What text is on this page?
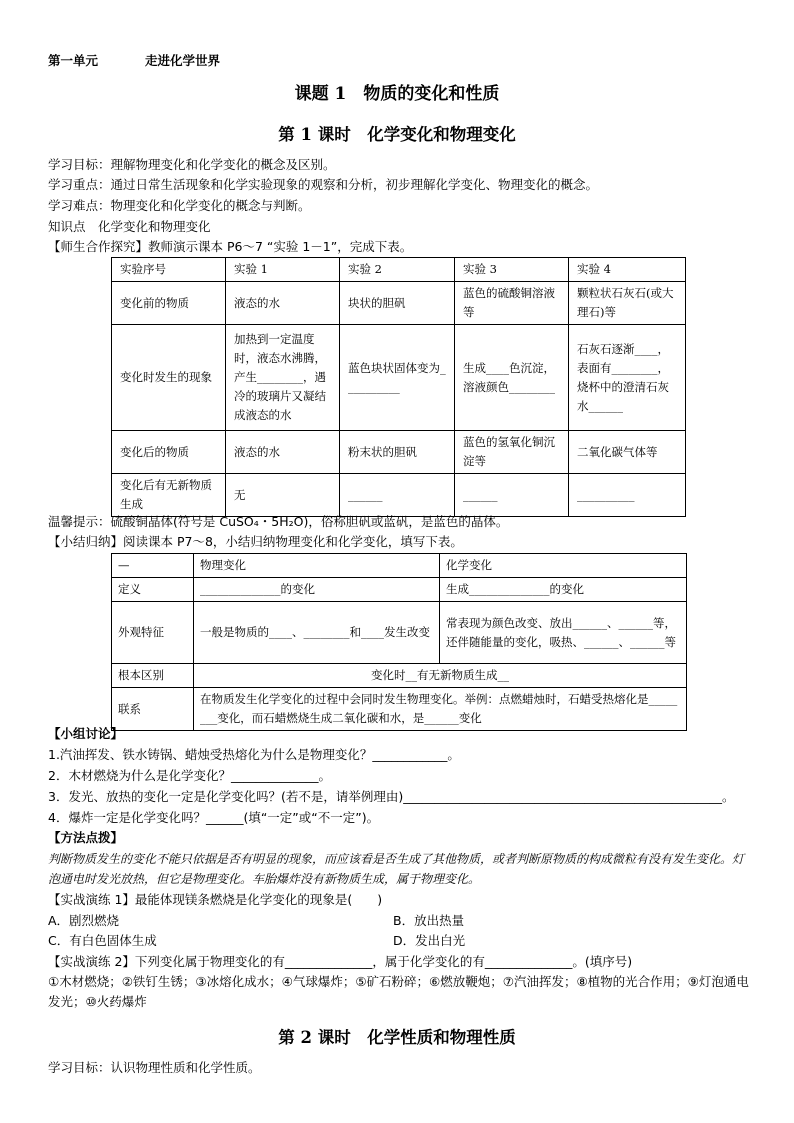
第一单元	走进化学世界
课题 1　物质的变化和性质
第 1 课时　化学变化和物理变化
学习目标：理解物理变化和化学变化的概念及区别。
学习重点：通过日常生活现象和化学实验现象的观察和分析，初步理解化学变化、物理变化的概念。
学习难点：物理变化和化学变化的概念与判断。
知识点　化学变化和物理变化
【师生合作探究】教师演示课本 P6～7 “实验 1－1”，完成下表。
实验序号	实验 1	实验 2	实验 3	实验 4
变化前的物质	液态的水	块状的胆矾	蓝色的硫酸铜溶液等	颗粒状石灰石(或大理石)等
变化时发生的现象	加热到一定温度时，液态水沸腾，产生________，遇冷的玻璃片又凝结成液态的水	蓝色块状固体变为__________	生成____色沉淀，溶液颜色________	石灰石逐渐____，表面有________，烧杯中的澄清石灰水______
变化后的物质	液态的水	粉末状的胆矾	蓝色的氢氧化铜沉淀等	二氧化碳气体等
变化后有无新物质生成	无	______	______	__________
温馨提示：硫酸铜晶体(符号是 CuSO₄・5H₂O)，俗称胆矾或蓝矾，是蓝色的晶体。
【小结归纳】阅读课本 P7～8，小结归纳物理变化和化学变化，填写下表。
—	物理变化	化学变化
定义	______________的变化	生成______________的变化
外观特征	一般是物质的____、________和____发生改变	常表现为颜色改变、放出______、______等，还伴随能量的变化，吸热、______、______等
根本区别	变化时__有无新物质生成__	
联系	在物质发生化学变化的过程中会同时发生物理变化。举例：点燃蜡烛时，石蜡受热熔化是________变化，而石蜡燃烧生成二氧化碳和水，是______变化	
【小组讨论】
1.汽油挥发、铁水铸锅、蜡烛受热熔化为什么是物理变化？____________。
2．木材燃烧为什么是化学变化？______________。
3．发光、放热的变化一定是化学变化吗？(若不是，请举例理由)___________________________________________________。
4．爆炸一定是化学变化吗？______(填“一定”或“不一定”)。
【方法点拨】
判断物质发生的变化不能只依据是否有明显的现象，而应该看是否生成了其他物质，或者判断原物质的构成微粒有没有发生变化。灯泡通电时发光放热，但它是物理变化。车胎爆炸没有新物质生成，属于物理变化。
【实战演练 1】最能体现镁条燃烧是化学变化的现象是(　　)
A．剧烈燃烧	B．放出热量
C．有白色固体生成	D．发出白光
【实战演练 2】下列变化属于物理变化的有______________，属于化学变化的有______________。(填序号)
①木材燃烧；②铁钉生锈；③冰熔化成水；④气球爆炸；⑤矿石粉碎；⑥燃放鞭炮；⑦汽油挥发；⑧植物的光合作用；⑨灯泡通电发光；⑩火药爆炸
第 2 课时　化学性质和物理性质
学习目标：认识物理性质和化学性质。
